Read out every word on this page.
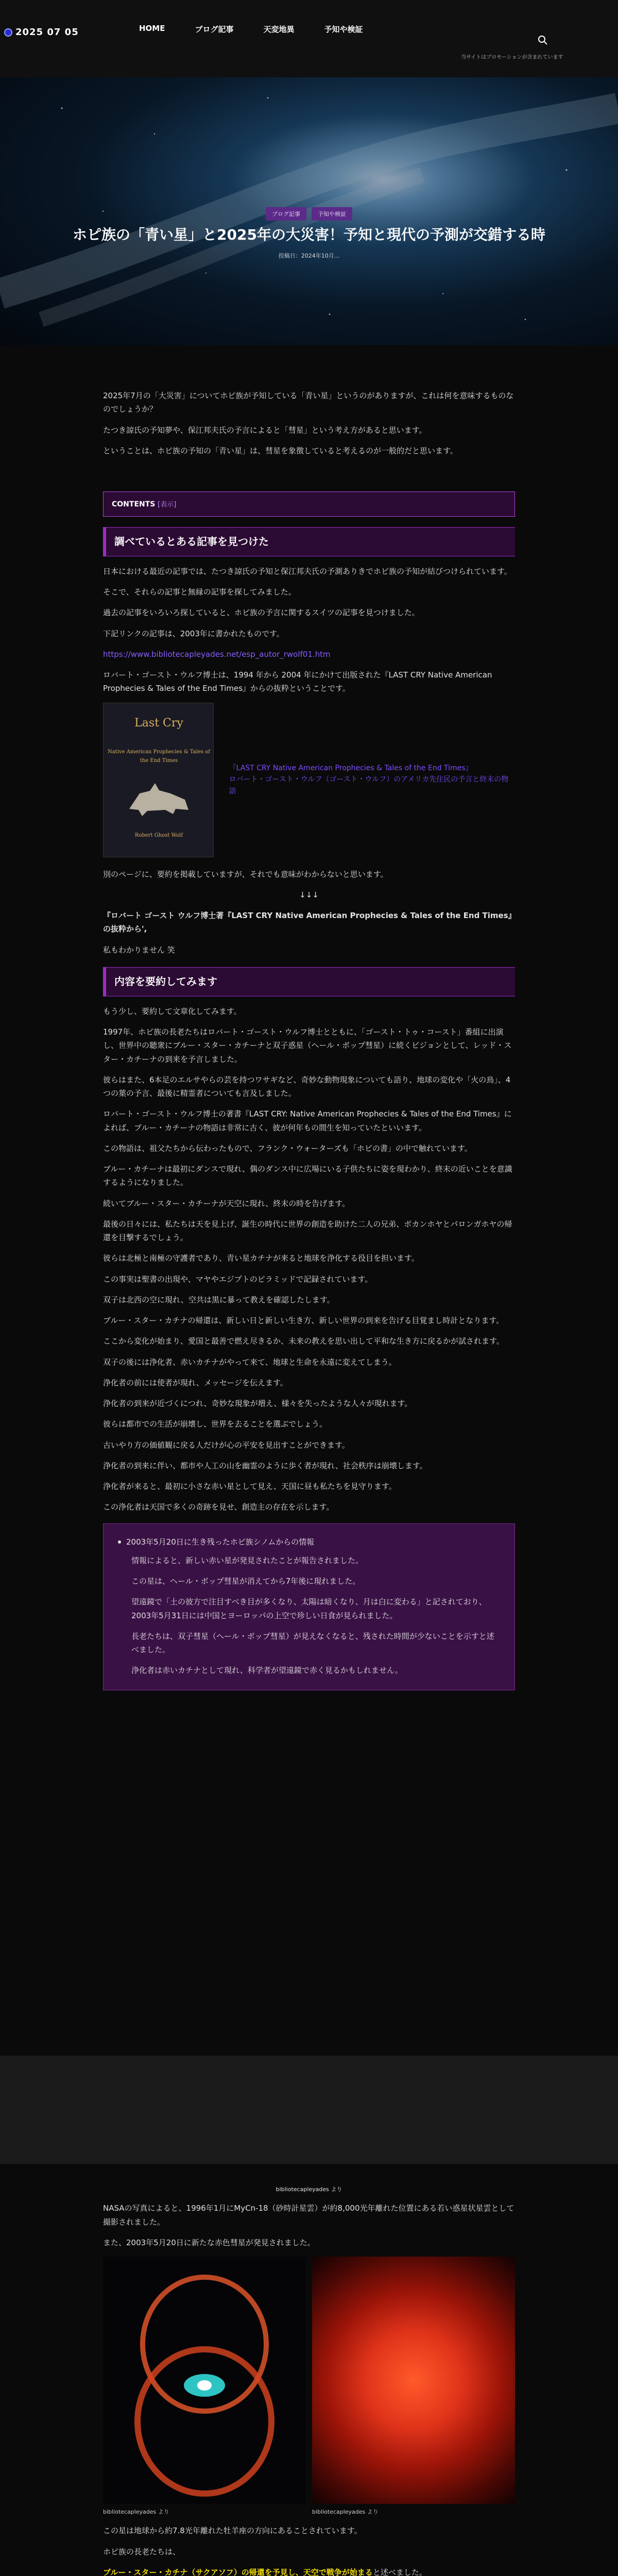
2025 07 05	HOME	ブログ記事	天変地異	予知や検証
当サイトはプロモーションが含まれています
ブログ記事	予知や検証
ホピ族の「青い星」と2025年の大災害！予知と現代の予測が交錯する時
投稿日：2024年10月...

2025年7月の「大災害」についてホピ族が予知している「青い星」というのがありますが、これは何を意味するものなのでしょうか？

たつき諒氏の予知夢や、保江邦夫氏の予言によると「彗星」という考え方があると思います。

ということは、ホピ族の予知の「青い星」は、彗星を象徴していると考えるのが一般的だと思います。

CONTENTS [表示]
調べているとある記事を見つけた

日本における最近の記事では、たつき諒氏の予知と保江邦夫氏の予測ありきでホピ族の予知が結びつけられています。

そこで、それらの記事と無縁の記事を探してみました。

過去の記事をいろいろ探していると、ホピ族の予言に関するスイツの記事を見つけました。

下記リンクの記事は、2003年に書かれたものです。

https://www.bibliotecapleyades.net/esp_autor_rwolf01.htm

ロバート・ゴースト・ウルフ博士は、1994 年から 2004 年にかけて出版された『LAST CRY Native American Prophecies & Tales of the End Times』からの抜粋ということです。

Last Cry
Native American Prophecies & Tales of the End Times
Robert Ghost Wolf
『LAST CRY Native American Prophecies & Tales of the End Times』
ロバート・ゴースト・ウルフ（ゴースト・ウルフ）のアメリカ先住民の予言と終末の物語

別のページに、要約を掲載していますが、それでも意味がわからないと思います。

↓↓↓

『ロバート ゴースト ウルフ博士著『LAST CRY Native American Prophecies & Tales of the End Times』の抜粋から',

私もわかりません 笑

内容を要約してみます

もう少し、要約して文章化してみます。

1997年、ホピ族の長老たちはロバート・ゴースト・ウルフ博士とともに、「ゴースト・トゥ・コースト」番組に出演し、世界中の聴衆にブルー・スター・カチーナと双子惑星（ヘール・ボップ彗星）に続くビジョンとして、レッド・スター・カチーナの到来を予言しました。

彼らはまた、6本足のエルサやらの芸を持つワサギなど、奇妙な動物現象についても語り、地球の変化や「火の鳥」、4つの葉の予言、最後に精霊者についても言及しました。

ロバート・ゴースト・ウルフ博士の著書『LAST CRY: Native American Prophecies & Tales of the End Times』によれば、ブルー・カチーナの物語は非常に古く、彼が何年もの間生を知っていたといいます。

この物語は、祖父たちから伝わったもので、フランク・ウォーターズも「ホピの書」の中で触れています。

ブルー・カチーナは最初にダンスで現れ、偶のダンス中に広場にいる子供たちに姿を現わかり、終末の近いことを意識するようになりました。

続いてブルー・スター・カチーナが天空に現れ、終末の時を告げます。

最後の日々には、私たちは天を見上げ、誕生の時代に世界の創造を助けた二人の兄弟、ポカンホヤとパロンガホヤの帰還を目撃するでしょう。

彼らは北極と南極の守護者であり、青い星カチナが来ると地球を浄化する役目を担います。

この事実は聖書の出現や、マヤやエジプトのピラミッドで記録されています。

双子は北西の空に現れ、空共は黒に暴って教えを確認したします。

ブルー・スター・カチナの帰還は、新しい日と新しい生き方、新しい世界の到来を告げる目覚まし時計となります。

ここから変化が始まり、愛国と最善で燃え尽きるか、未来の教えを思い出して平和な生き方に戻るかが試されます。

双子の後には浄化者、赤いカチナがやって来て、地球と生命を永遠に変えてしまう。

浄化者の前には使者が現れ、メッセージを伝えます。

浄化者の到来が近づくにつれ、奇妙な現象が増え、様々を失ったような人々が現れます。

彼らは都市での生活が崩壊し、世界を去ることを選ぶでしょう。

古いやり方の価値観に戻る人だけが心の平安を見出すことができます。

浄化者の到来に伴い、都市や人工の山を幽霊のように歩く者が現れ、社会秩序は崩壊します。

浄化者が来ると、最初に小さな赤い星として見え、天国に昼も私たちを見守ります。

この浄化者は天国で多くの奇跡を見せ、創造主の存在を示します。

2003年5月20日に生き残ったホピ族シノムからの情報

情報によると、新しい赤い星が発見されたことが報告されました。

この星は、ヘール・ボップ彗星が消えてから7年後に現れました。

望遠鏡で「土の彼方で注目すべき目が多くなり、太陽は暗くなり、月は白に変わる」と記されており、2003年5月31日には中国とヨーロッパの上空で珍しい日食が見られました。

長老たちは、双子彗星（ヘール・ボップ彗星）が見えなくなると、残された時間が少ないことを示すと述べました。

浄化者は赤いカチナとして現れ、科学者が望遠鏡で赤く見るかもしれません。

bibliotecapleyades より

NASAの写真によると、1996年1月にMyCn-18（砂時計星雲）が約8,000光年離れた位置にある若い惑星状星雲として撮影されました。

また、2003年5月20日に新たな赤色彗星が発見されました。

bibliotecapleyades より	bibliotecapleyades より

この星は地球から約7.8光年離れた牡羊座の方向にあることされています。

ホピ族の長老たちは、

ブルー・スター・カチナ（サクアソフ）の帰還を予見し、天空で戦争が始まると述べました。
